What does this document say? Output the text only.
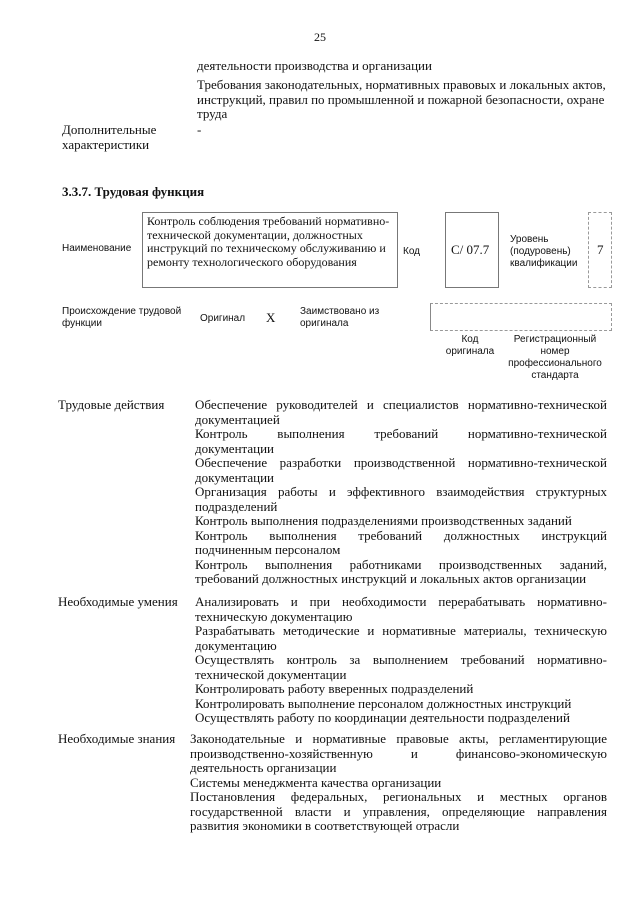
25
деятельности производства и организации
Требования законодательных, нормативных правовых и локальных актов, инструкций, правил по промышленной и пожарной безопасности, охране труда
Дополнительные характеристики
-
3.3.7. Трудовая функция
Наименование
Контроль соблюдения требований нормативно-технической документации, должностных инструкций по техническому обслуживанию и ремонту технологического оборудования
Код С/ 07.7
Уровень (подуровень) квалификации
7
Происхождение трудовой функции	Оригинал X Заимствовано из оригинала
Код оригинала
Регистрационный номер профессионального стандарта
Трудовые действия Обеспечение руководителей и специалистов нормативно-технической документацией
Контроль выполнения требований нормативно-технической документации
Обеспечение разработки производственной нормативно-технической документации
Организация работы и эффективного взаимодействия структурных подразделений
Контроль выполнения подразделениями производственных заданий
Контроль выполнения требований должностных инструкций подчиненным персоналом
Контроль выполнения работниками производственных заданий, требований должностных инструкций и локальных актов организации
Необходимые умения Анализировать и при необходимости перерабатывать нормативно-техническую документацию
Разрабатывать методические и нормативные материалы, техническую документацию
Осуществлять контроль за выполнением требований нормативно-технической документации
Контролировать работу вверенных подразделений
Контролировать выполнение персоналом должностных инструкций
Осуществлять работу по координации деятельности подразделений
Необходимые знания Законодательные и нормативные правовые акты, регламентирующие производственно-хозяйственную и финансово-экономическую деятельность организации
Системы менеджмента качества организации
Постановления федеральных, региональных и местных органов государственной власти и управления, определяющие направления развития экономики в соответствующей отрасли
